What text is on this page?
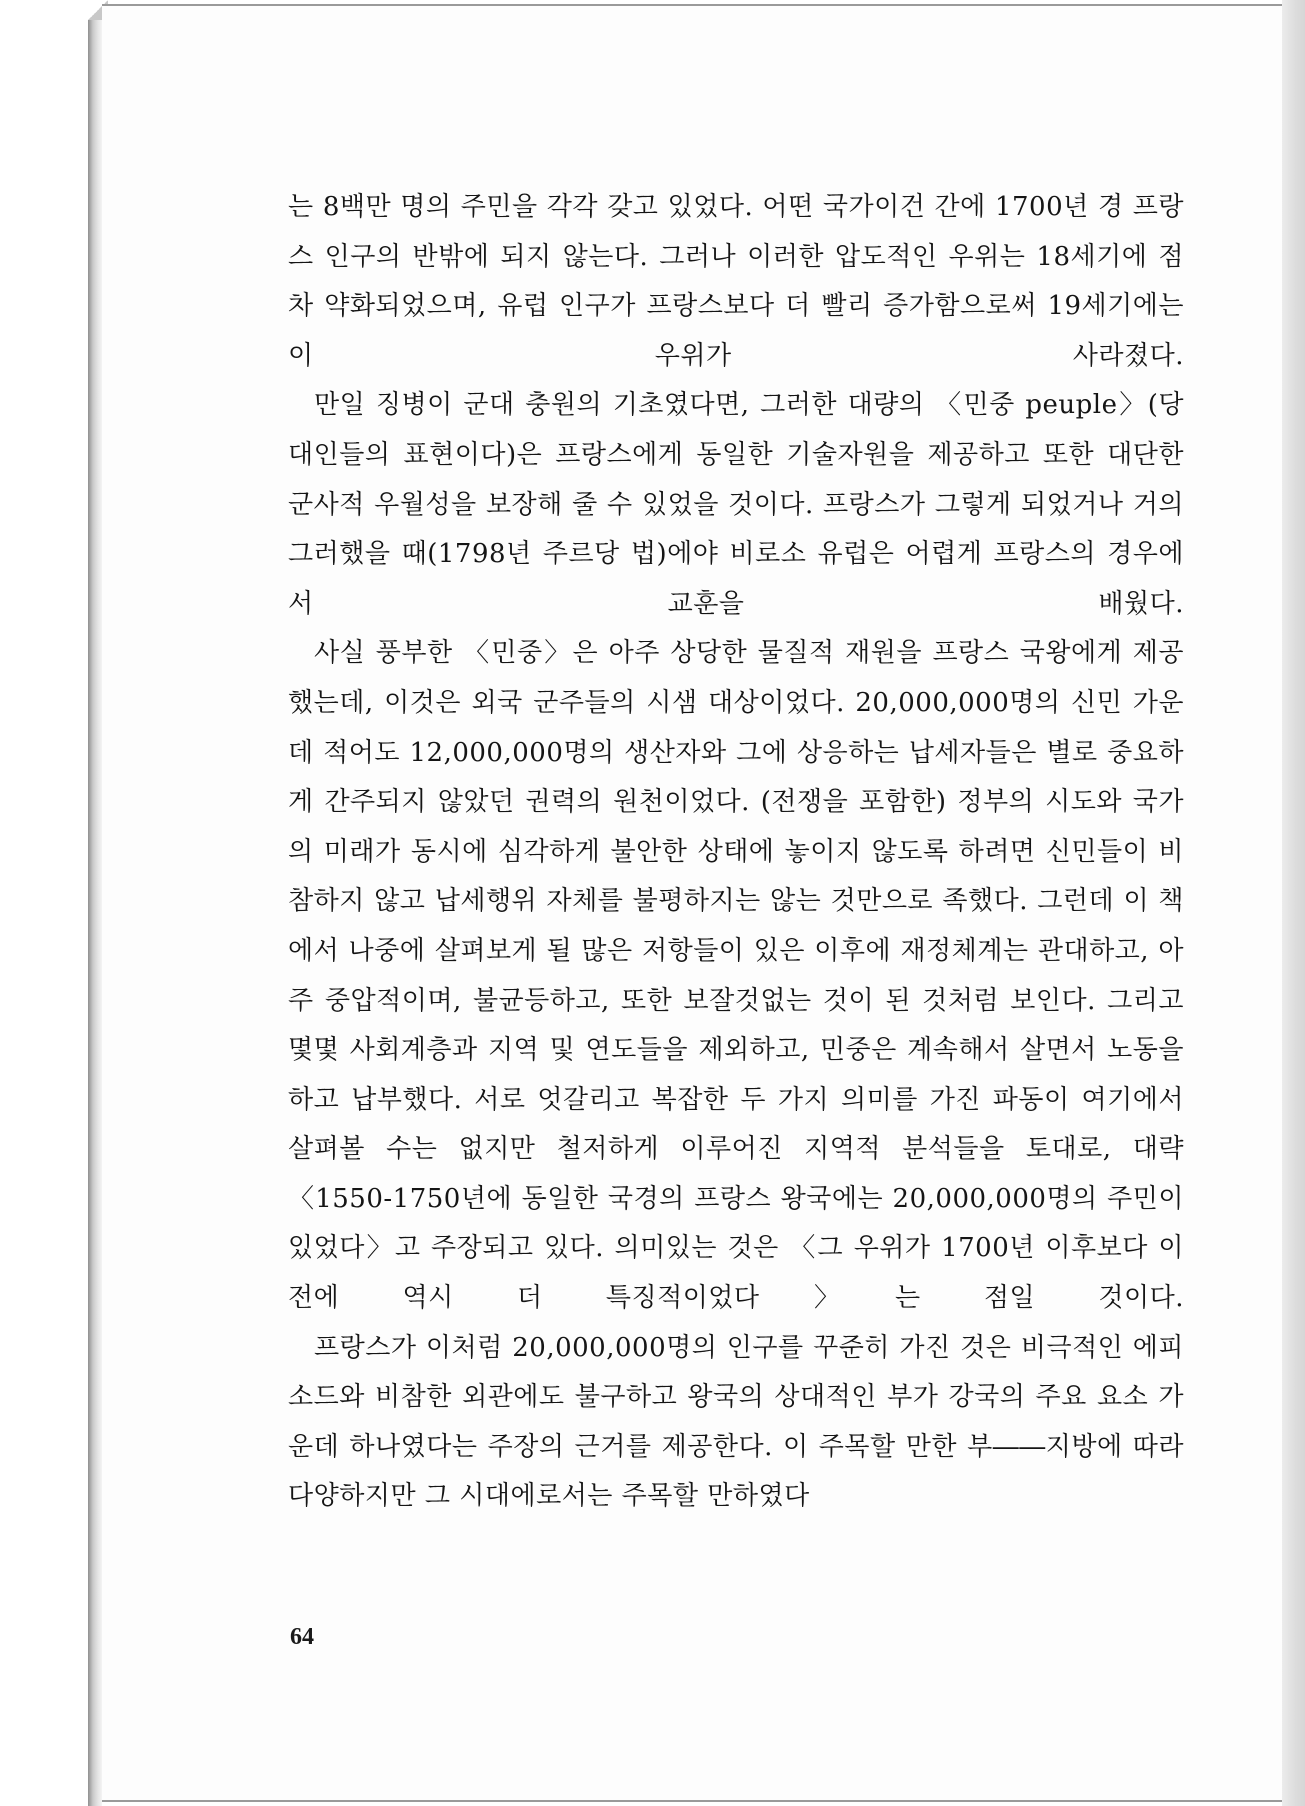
는 8백만 명의 주민을 각각 갖고 있었다. 어떤 국가이건 간에 1700년 경 프랑스 인구의 반밖에 되지 않는다. 그러나 이러한 압도적인 우위는 18세기에 점차 약화되었으며, 유럽 인구가 프랑스보다 더 빨리 증가함으로써 19세기에는 이 우위가 사라졌다.

만일 징병이 군대 충원의 기초였다면, 그러한 대량의 〈민중 peuple〉(당대인들의 표현이다)은 프랑스에게 동일한 기술자원을 제공하고 또한 대단한 군사적 우월성을 보장해 줄 수 있었을 것이다. 프랑스가 그렇게 되었거나 거의 그러했을 때(1798년 주르당 법)에야 비로소 유럽은 어렵게 프랑스의 경우에서 교훈을 배웠다.

사실 풍부한 〈민중〉은 아주 상당한 물질적 재원을 프랑스 국왕에게 제공했는데, 이것은 외국 군주들의 시샘 대상이었다. 20,000,000명의 신민 가운데 적어도 12,000,000명의 생산자와 그에 상응하는 납세자들은 별로 중요하게 간주되지 않았던 권력의 원천이었다. (전쟁을 포함한) 정부의 시도와 국가의 미래가 동시에 심각하게 불안한 상태에 놓이지 않도록 하려면 신민들이 비참하지 않고 납세행위 자체를 불평하지는 않는 것만으로 족했다. 그런데 이 책에서 나중에 살펴보게 될 많은 저항들이 있은 이후에 재정체계는 관대하고, 아주 중압적이며, 불균등하고, 또한 보잘것없는 것이 된 것처럼 보인다. 그리고 몇몇 사회계층과 지역 및 연도들을 제외하고, 민중은 계속해서 살면서 노동을 하고 납부했다. 서로 엇갈리고 복잡한 두 가지 의미를 가진 파동이 여기에서 살펴볼 수는 없지만 철저하게 이루어진 지역적 분석들을 토대로, 대략 〈1550-1750년에 동일한 국경의 프랑스 왕국에는 20,000,000명의 주민이 있었다〉고 주장되고 있다. 의미있는 것은 〈그 우위가 1700년 이후보다 이전에 역시 더 특징적이었다〉는 점일 것이다.

프랑스가 이처럼 20,000,000명의 인구를 꾸준히 가진 것은 비극적인 에피소드와 비참한 외관에도 불구하고 왕국의 상대적인 부가 강국의 주요 요소 가운데 하나였다는 주장의 근거를 제공한다. 이 주목할 만한 부――지방에 따라 다양하지만 그 시대에로서는 주목할 만하였다

64
